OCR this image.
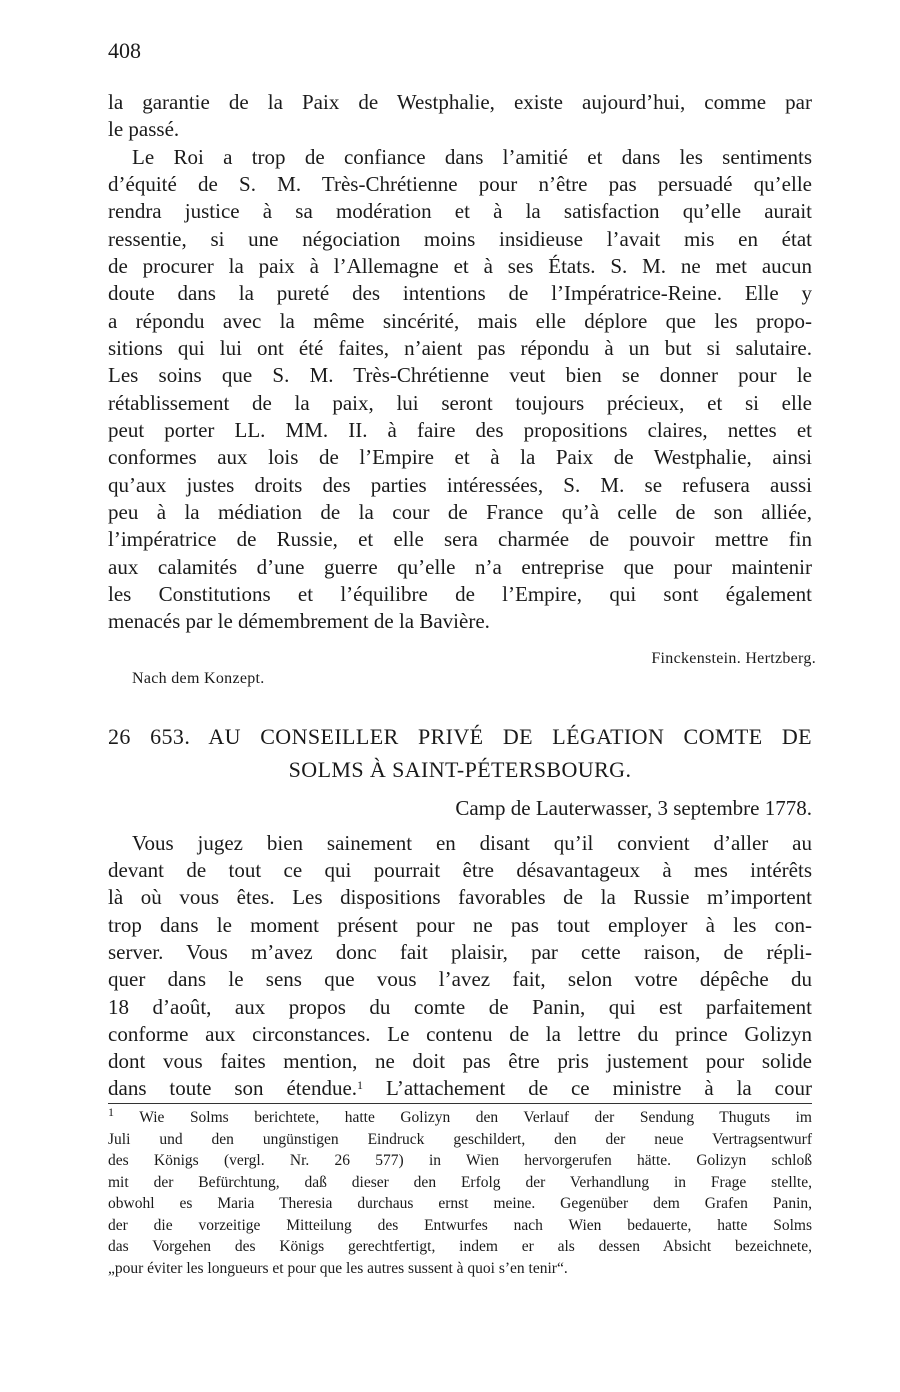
408
la garantie de la Paix de Westphalie, existe aujourd’hui, comme par
le passé.
Le Roi a trop de confiance dans l’amitié et dans les sentiments
d’équité de S. M. Très-Chrétienne pour n’être pas persuadé qu’elle
rendra justice à sa modération et à la satisfaction qu’elle aurait
ressentie, si une négociation moins insidieuse l’avait mis en état
de procurer la paix à l’Allemagne et à ses États. S. M. ne met aucun
doute dans la pureté des intentions de l’Impératrice-Reine. Elle y
a répondu avec la même sincérité, mais elle déplore que les propo-
sitions qui lui ont été faites, n’aient pas répondu à un but si salutaire.
Les soins que S. M. Très-Chrétienne veut bien se donner pour le
rétablissement de la paix, lui seront toujours précieux, et si elle
peut porter LL. MM. II. à faire des propositions claires, nettes et
conformes aux lois de l’Empire et à la Paix de Westphalie, ainsi
qu’aux justes droits des parties intéressées, S. M. se refusera aussi
peu à la médiation de la cour de France qu’à celle de son alliée,
l’impératrice de Russie, et elle sera charmée de pouvoir mettre fin
aux calamités d’une guerre qu’elle n’a entreprise que pour maintenir
les Constitutions et l’équilibre de l’Empire, qui sont également
menacés par le démembrement de la Bavière.
Finckenstein. Hertzberg.
Nach dem Konzept.
26 653. AU CONSEILLER PRIVÉ DE LÉGATION COMTE DE
SOLMS À SAINT-PÉTERSBOURG.
Camp de Lauterwasser, 3 septembre 1778.
Vous jugez bien sainement en disant qu’il convient d’aller au
devant de tout ce qui pourrait être désavantageux à mes intérêts
là où vous êtes. Les dispositions favorables de la Russie m’importent
trop dans le moment présent pour ne pas tout employer à les con-
server. Vous m’avez donc fait plaisir, par cette raison, de répli-
quer dans le sens que vous l’avez fait, selon votre dépêche du
18 d’août, aux propos du comte de Panin, qui est parfaitement
conforme aux circonstances. Le contenu de la lettre du prince Golizyn
dont vous faites mention, ne doit pas être pris justement pour solide
dans toute son étendue.$^1$ L’attachement de ce ministre à la cour
$^1$ Wie Solms berichtete, hatte Golizyn den Verlauf der Sendung Thuguts im
Juli und den ungünstigen Eindruck geschildert, den der neue Vertragsentwurf
des Königs (vergl. Nr. 26 577) in Wien hervorgerufen hätte. Golizyn schloß
mit der Befürchtung, daß dieser den Erfolg der Verhandlung in Frage stellte,
obwohl es Maria Theresia durchaus ernst meine. Gegenüber dem Grafen Panin,
der die vorzeitige Mitteilung des Entwurfes nach Wien bedauerte, hatte Solms
das Vorgehen des Königs gerechtfertigt, indem er als dessen Absicht bezeichnete,
„pour éviter les longueurs et pour que les autres sussent à quoi s’en tenir“.
